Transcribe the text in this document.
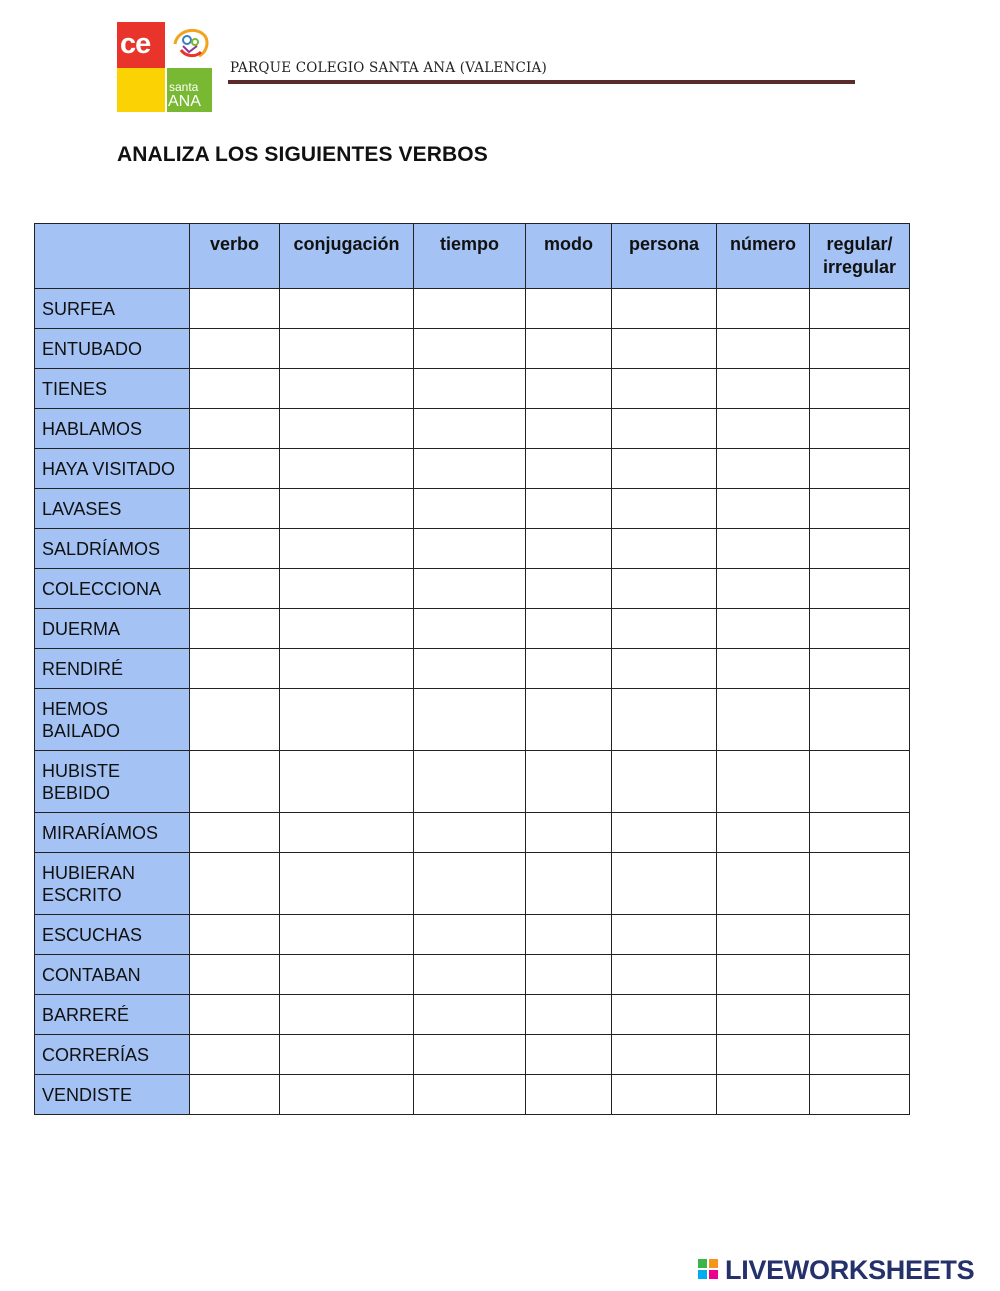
ce
santa
ANA
PARQUE COLEGIO SANTA ANA (VALENCIA)
ANALIZA LOS SIGUIENTES VERBOS
	verbo	conjugación	tiempo	modo	persona	número	regular/ irregular
SURFEA							
ENTUBADO							
TIENES							
HABLAMOS							
HAYA VISITADO							
LAVASES							
SALDRÍAMOS							
COLECCIONA							
DUERMA							
RENDIRÉ							
HEMOS BAILADO							
HUBISTE BEBIDO							
MIRARÍAMOS							
HUBIERAN ESCRITO							
ESCUCHAS							
CONTABAN							
BARRERÉ							
CORRERÍAS							
VENDISTE							
LIVEWORKSHEETS
